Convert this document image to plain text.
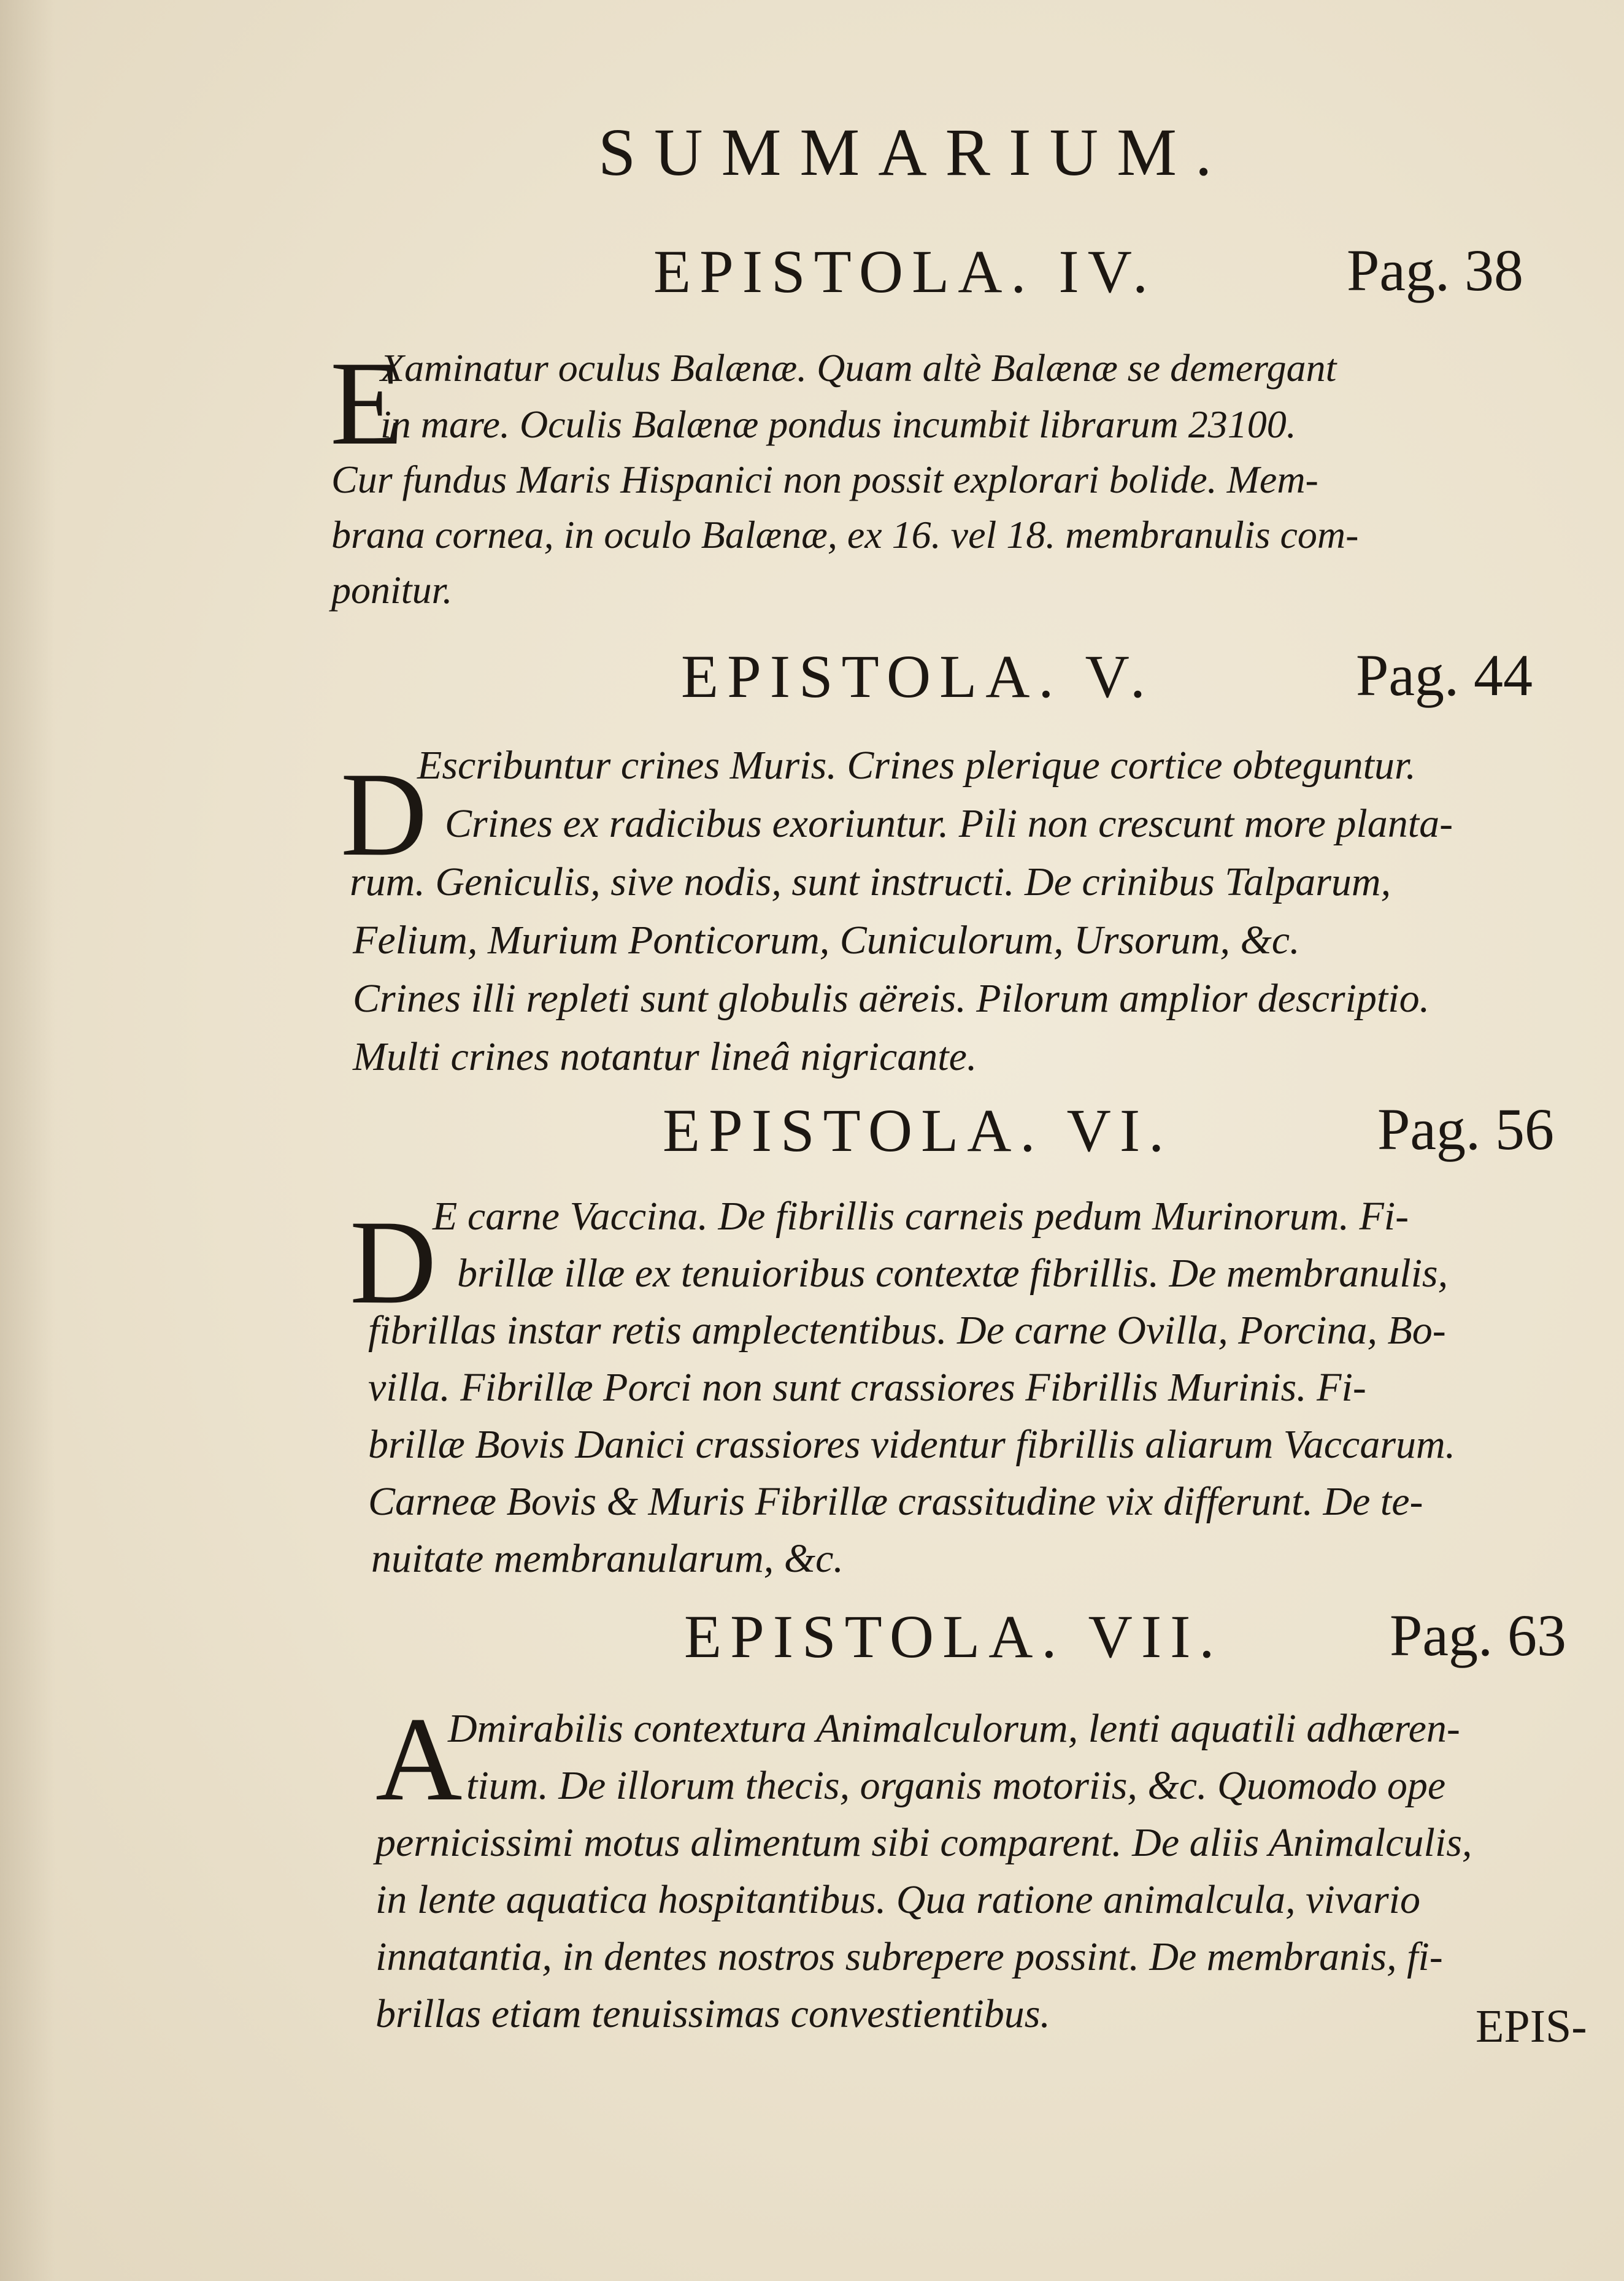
SUMMARIUM.
EPISTOLA. IV.	Pag. 38
E
Xaminatur oculus Balænæ. Quam altè Balænæ se demergant
in mare. Oculis Balænæ pondus incumbit librarum 23100.
Cur fundus Maris Hispanici non possit explorari bolide. Mem-
brana cornea, in oculo Balænæ, ex 16. vel 18. membranulis com-
ponitur.
EPISTOLA. V.	Pag. 44
D
Escribuntur crines Muris. Crines plerique cortice obteguntur.
Crines ex radicibus exoriuntur. Pili non crescunt more planta-
rum. Geniculis, sive nodis, sunt instructi. De crinibus Talparum,
Felium, Murium Ponticorum, Cuniculorum, Ursorum, &c.
Crines illi repleti sunt globulis aëreis. Pilorum amplior descriptio.
Multi crines notantur lineâ nigricante.
EPISTOLA. VI.	Pag. 56
D
E carne Vaccina. De fibrillis carneis pedum Murinorum. Fi-
brillæ illæ ex tenuioribus contextæ fibrillis. De membranulis,
fibrillas instar retis amplectentibus. De carne Ovilla, Porcina, Bo-
villa. Fibrillæ Porci non sunt crassiores Fibrillis Murinis. Fi-
brillæ Bovis Danici crassiores videntur fibrillis aliarum Vaccarum.
Carneæ Bovis & Muris Fibrillæ crassitudine vix differunt. De te-
nuitate membranularum, &c.
EPISTOLA. VII.	Pag. 63
A
Dmirabilis contextura Animalculorum, lenti aquatili adhæren-
tium. De illorum thecis, organis motoriis, &c. Quomodo ope
pernicissimi motus alimentum sibi comparent. De aliis Animalculis,
in lente aquatica hospitantibus. Qua ratione animalcula, vivario
innatantia, in dentes nostros subrepere possint. De membranis, fi-
brillas etiam tenuissimas convestientibus.	EPIS-
